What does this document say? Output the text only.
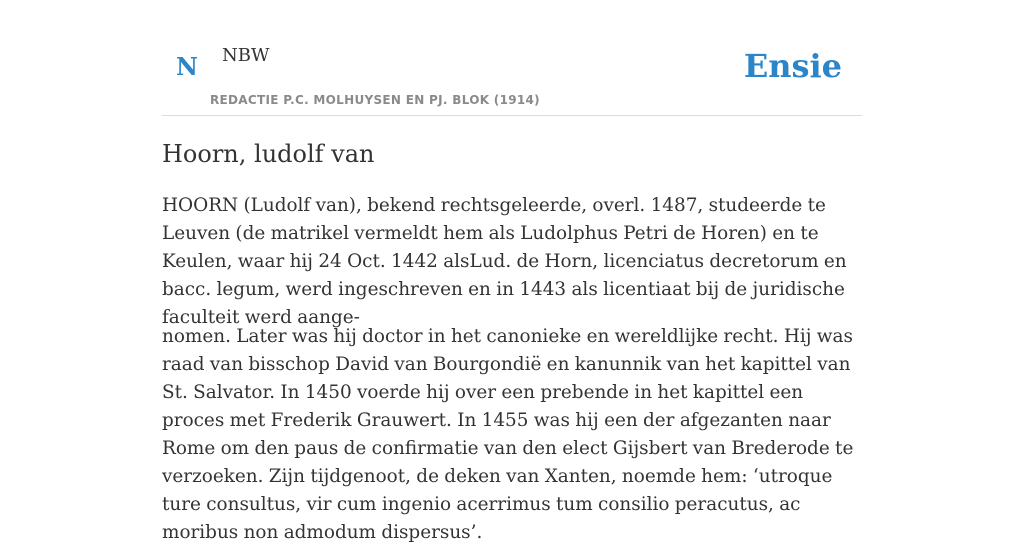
N NBW
REDACTIE P.C. MOLHUYSEN EN PJ. BLOK (1914)
Ensie
Hoorn, ludolf van

HOORN (Ludolf van), bekend rechtsgeleerde, overl. 1487, studeerde te Leuven (de matrikel vermeldt hem als Ludolphus Petri de Horen) en te Keulen, waar hij 24 Oct. 1442 alsLud. de Horn, licenciatus decretorum en bacc. legum, werd ingeschreven en in 1443 als licentiaat bij de juridische faculteit werd aange-

nomen. Later was hij doctor in het canonieke en wereldlijke recht. Hij was raad van bisschop David van Bourgondië en kanunnik van het kapittel van St. Salvator. In 1450 voerde hij over een prebende in het kapittel een proces met Frederik Grauwert. In 1455 was hij een der afgezanten naar Rome om den paus de confirmatie van den elect Gijsbert van Brederode te verzoeken. Zijn tijdgenoot, de deken van Xanten, noemde hem: ‘utroque ture consultus, vir cum ingenio acerrimus tum consilio peracutus, ac moribus non admodum dispersus’.
